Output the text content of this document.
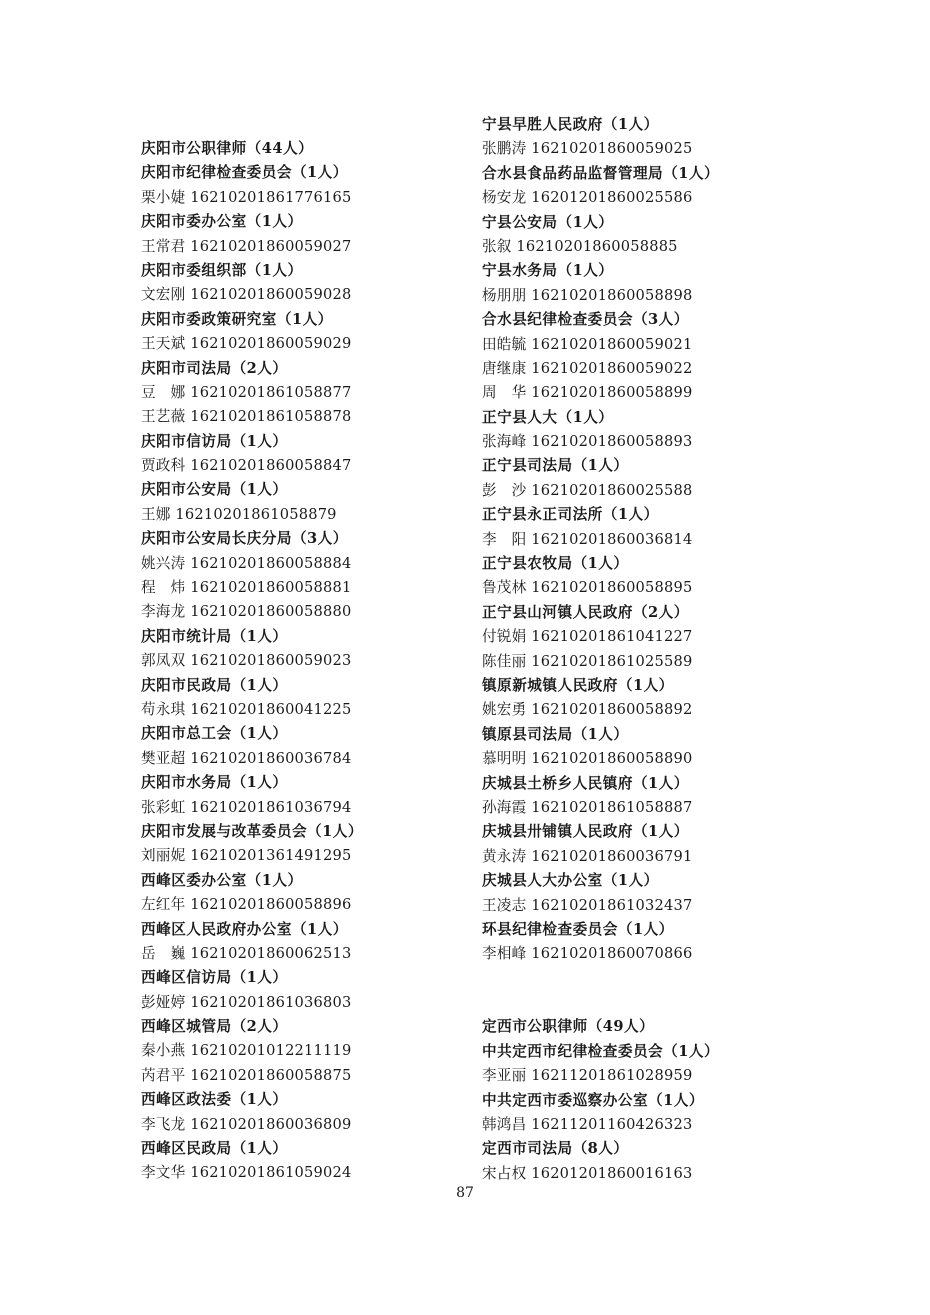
庆阳市公职律师（44人）
庆阳市纪律检查委员会（1人）
栗小婕 16210201861776165
庆阳市委办公室（1人）
王常君 16210201860059027
庆阳市委组织部（1人）
文宏刚 16210201860059028
庆阳市委政策研究室（1人）
王天斌 16210201860059029
庆阳市司法局（2人）
豆　娜 16210201861058877
王艺薇 16210201861058878
庆阳市信访局（1人）
贾政科 16210201860058847
庆阳市公安局（1人）
王娜 16210201861058879
庆阳市公安局长庆分局（3人）
姚兴涛 16210201860058884
程　炜 16210201860058881
李海龙 16210201860058880
庆阳市统计局（1人）
郭凤双 16210201860059023
庆阳市民政局（1人）
苟永琪 16210201860041225
庆阳市总工会（1人）
樊亚超 16210201860036784
庆阳市水务局（1人）
张彩虹 16210201861036794
庆阳市发展与改革委员会（1人）
刘丽妮 16210201361491295
西峰区委办公室（1人）
左红年 16210201860058896
西峰区人民政府办公室（1人）
岳　巍 16210201860062513
西峰区信访局（1人）
彭娅婷 16210201861036803
西峰区城管局（2人）
秦小燕 16210201012211119
芮君平 16210201860058875
西峰区政法委（1人）
李飞龙 16210201860036809
西峰区民政局（1人）
李文华 16210201861059024
宁县早胜人民政府（1人）
张鹏涛 16210201860059025
合水县食品药品监督管理局（1人）
杨安龙 16201201860025586
宁县公安局（1人）
张叙 16210201860058885
宁县水务局（1人）
杨朋朋 16210201860058898
合水县纪律检查委员会（3人）
田皓毓 16210201860059021
唐继康 16210201860059022
周　华 16210201860058899
正宁县人大（1人）
张海峰 16210201860058893
正宁县司法局（1人）
彭　沙 16210201860025588
正宁县永正司法所（1人）
李　阳 16210201860036814
正宁县农牧局（1人）
鲁茂林 16210201860058895
正宁县山河镇人民政府（2人）
付锐娟 16210201861041227
陈佳丽 16210201861025589
镇原新城镇人民政府（1人）
姚宏勇 16210201860058892
镇原县司法局（1人）
慕明明 16210201860058890
庆城县土桥乡人民镇府（1人）
孙海霞 16210201861058887
庆城县卅铺镇人民政府（1人）
黄永涛 16210201860036791
庆城县人大办公室（1人）
王凌志 16210201861032437
环县纪律检查委员会（1人）
李相峰 16210201860070866
定西市公职律师（49人）
中共定西市纪律检查委员会（1人）
李亚丽 16211201861028959
中共定西市委巡察办公室（1人）
韩鸿昌 16211201160426323
定西市司法局（8人）
宋占权 16201201860016163
87
